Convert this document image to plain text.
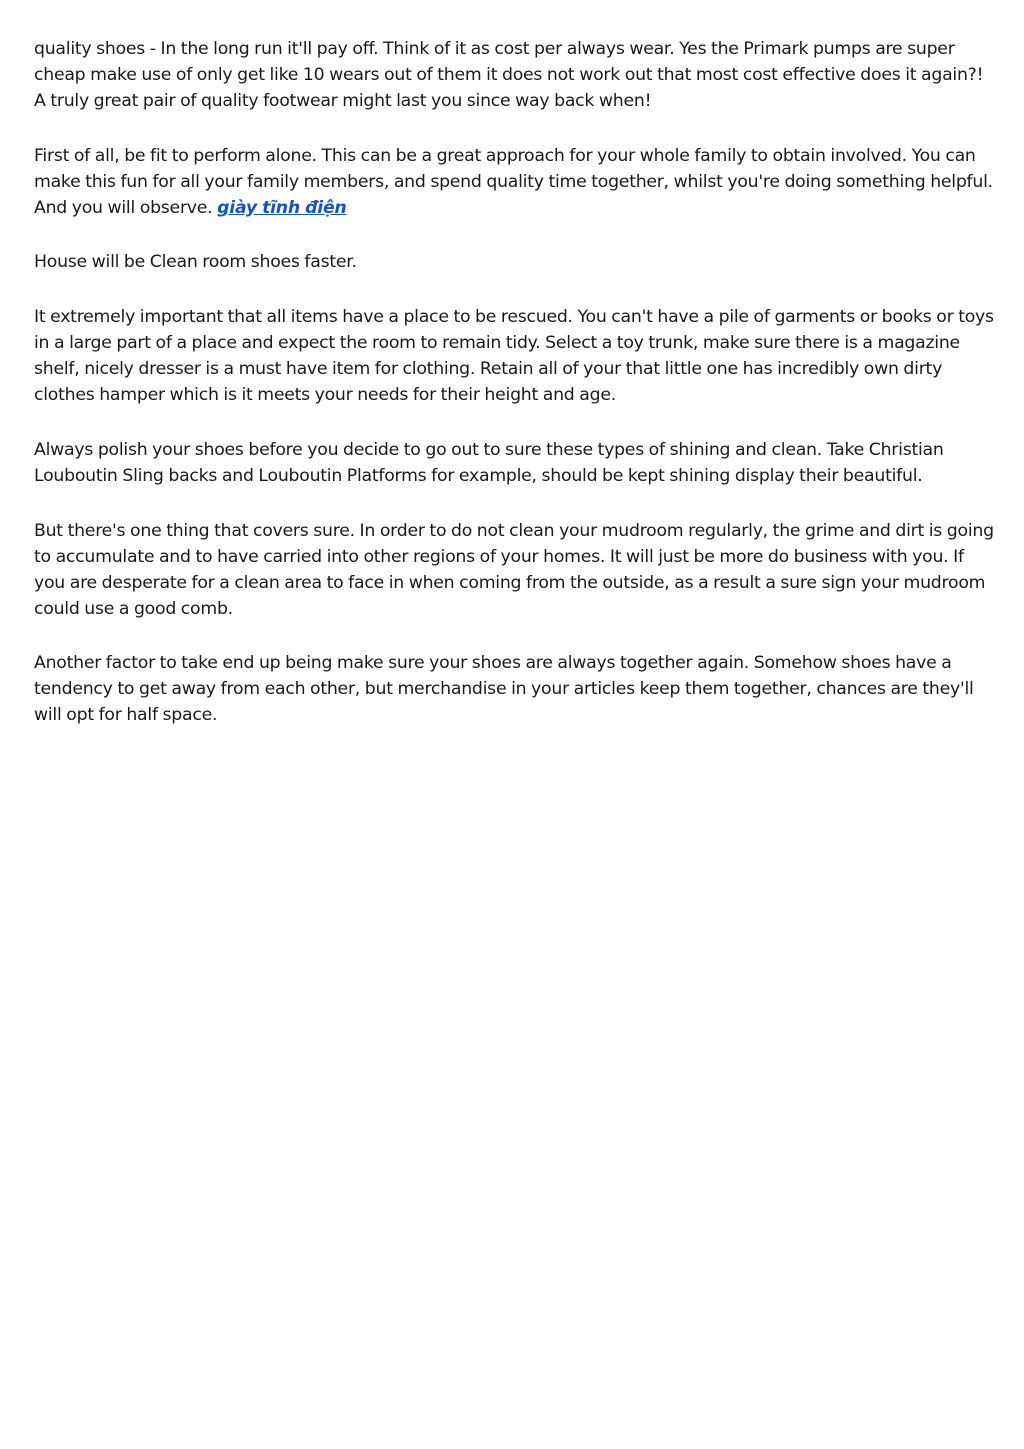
quality shoes - In the long run it'll pay off. Think of it as cost per always wear. Yes the Primark pumps are super cheap make use of only get like 10 wears out of them it does not work out that most cost effective does it again?! A truly great pair of quality footwear might last you since way back when!

First of all, be fit to perform alone. This can be a great approach for your whole family to obtain involved. You can make this fun for all your family members, and spend quality time together, whilst you're doing something helpful. And you will observe. giày tĩnh điện

House will be Clean room shoes faster.

It extremely important that all items have a place to be rescued. You can't have a pile of garments or books or toys in a large part of a place and expect the room to remain tidy. Select a toy trunk, make sure there is a magazine shelf, nicely dresser is a must have item for clothing. Retain all of your that little one has incredibly own dirty clothes hamper which is it meets your needs for their height and age.

Always polish your shoes before you decide to go out to sure these types of shining and clean. Take Christian Louboutin Sling backs and Louboutin Platforms for example, should be kept shining display their beautiful.

But there's one thing that covers sure. In order to do not clean your mudroom regularly, the grime and dirt is going to accumulate and to have carried into other regions of your homes. It will just be more do business with you. If you are desperate for a clean area to face in when coming from the outside, as a result a sure sign your mudroom could use a good comb.

Another factor to take end up being make sure your shoes are always together again. Somehow shoes have a tendency to get away from each other, but merchandise in your articles keep them together, chances are they'll will opt for half space.
